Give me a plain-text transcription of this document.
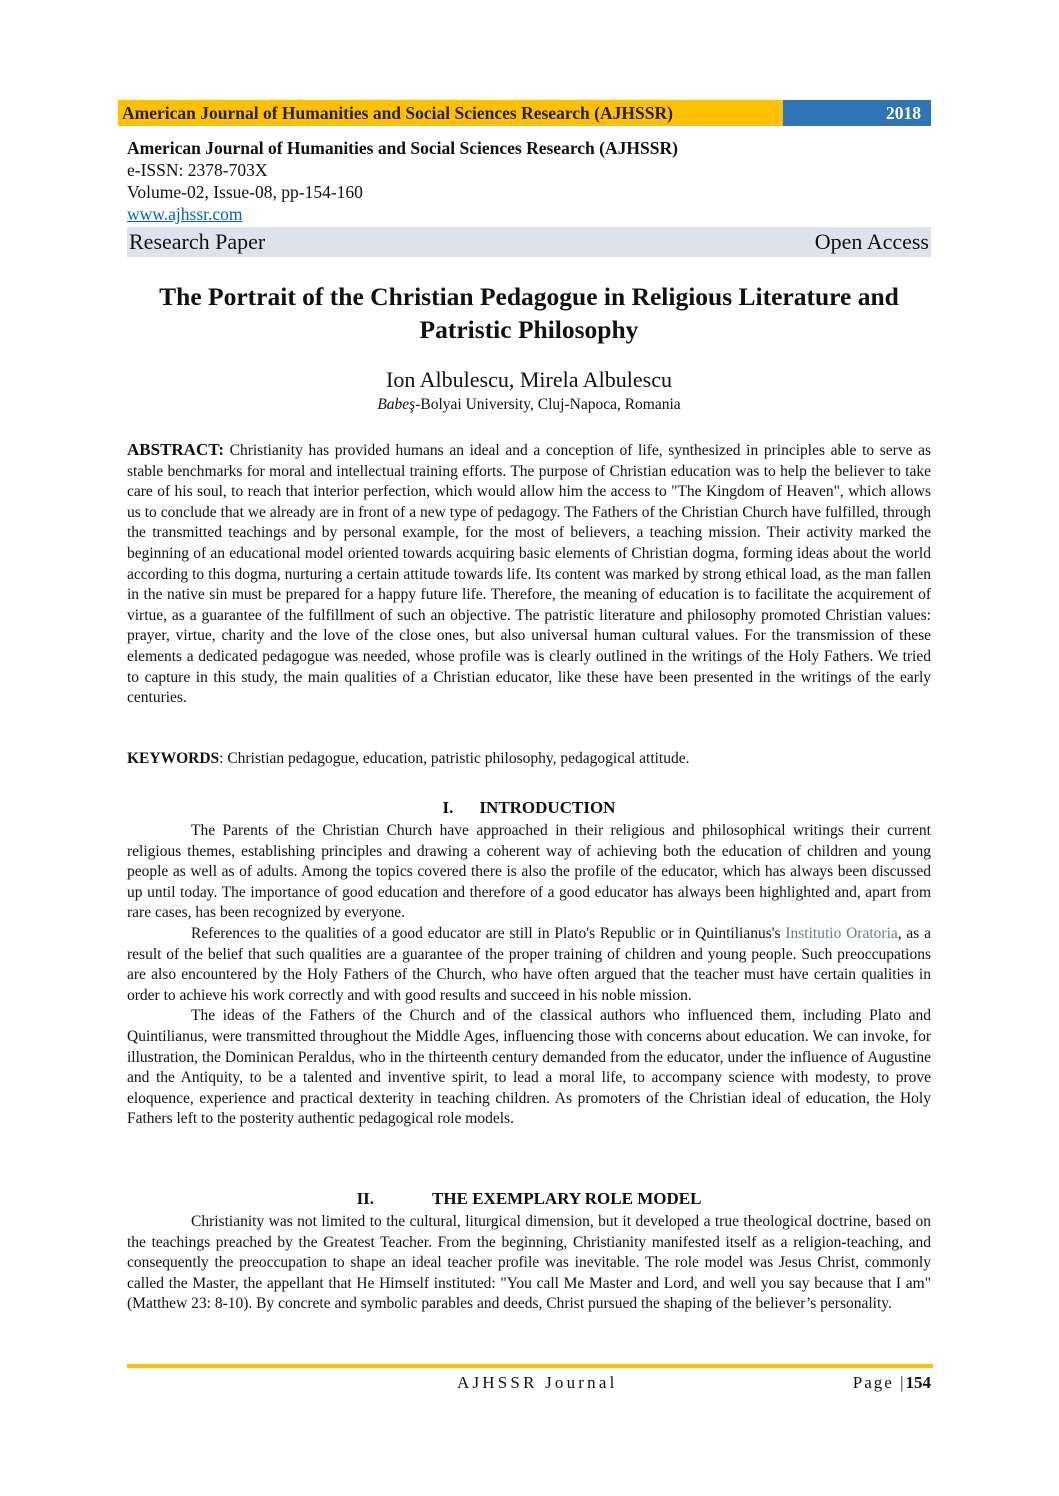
American Journal of Humanities and Social Sciences Research (AJHSSR)	2018
American Journal of Humanities and Social Sciences Research (AJHSSR)
e-ISSN: 2378-703X
Volume-02, Issue-08, pp-154-160
www.ajhssr.com
Research Paper	Open Access
The Portrait of the Christian Pedagogue in Religious Literature and Patristic Philosophy
Ion Albulescu, Mirela Albulescu
Babeş-Bolyai University, Cluj-Napoca, Romania
ABSTRACT: Christianity has provided humans an ideal and a conception of life, synthesized in principles able to serve as stable benchmarks for moral and intellectual training efforts. The purpose of Christian education was to help the believer to take care of his soul, to reach that interior perfection, which would allow him the access to "The Kingdom of Heaven", which allows us to conclude that we already are in front of a new type of pedagogy. The Fathers of the Christian Church have fulfilled, through the transmitted teachings and by personal example, for the most of believers, a teaching mission. Their activity marked the beginning of an educational model oriented towards acquiring basic elements of Christian dogma, forming ideas about the world according to this dogma, nurturing a certain attitude towards life. Its content was marked by strong ethical load, as the man fallen in the native sin must be prepared for a happy future life. Therefore, the meaning of education is to facilitate the acquirement of virtue, as a guarantee of the fulfillment of such an objective. The patristic literature and philosophy promoted Christian values: prayer, virtue, charity and the love of the close ones, but also universal human cultural values. For the transmission of these elements a dedicated pedagogue was needed, whose profile was is clearly outlined in the writings of the Holy Fathers. We tried to capture in this study, the main qualities of a Christian educator, like these have been presented in the writings of the early centuries.
KEYWORDS: Christian pedagogue, education, patristic philosophy, pedagogical attitude.
I. INTRODUCTION

The Parents of the Christian Church have approached in their religious and philosophical writings their current religious themes, establishing principles and drawing a coherent way of achieving both the education of children and young people as well as of adults. Among the topics covered there is also the profile of the educator, which has always been discussed up until today. The importance of good education and therefore of a good educator has always been highlighted and, apart from rare cases, has been recognized by everyone.

References to the qualities of a good educator are still in Plato's Republic or in Quintilianus's Institutio Oratoria, as a result of the belief that such qualities are a guarantee of the proper training of children and young people. Such preoccupations are also encountered by the Holy Fathers of the Church, who have often argued that the teacher must have certain qualities in order to achieve his work correctly and with good results and succeed in his noble mission.

The ideas of the Fathers of the Church and of the classical authors who influenced them, including Plato and Quintilianus, were transmitted throughout the Middle Ages, influencing those with concerns about education. We can invoke, for illustration, the Dominican Peraldus, who in the thirteenth century demanded from the educator, under the influence of Augustine and the Antiquity, to be a talented and inventive spirit, to lead a moral life, to accompany science with modesty, to prove eloquence, experience and practical dexterity in teaching children. As promoters of the Christian ideal of education, the Holy Fathers left to the posterity authentic pedagogical role models.

II.	THE EXEMPLARY ROLE MODEL

Christianity was not limited to the cultural, liturgical dimension, but it developed a true theological doctrine, based on the teachings preached by the Greatest Teacher. From the beginning, Christianity manifested itself as a religion-teaching, and consequently the preoccupation to shape an ideal teacher profile was inevitable. The role model was Jesus Christ, commonly called the Master, the appellant that He Himself instituted: "You call Me Master and Lord, and well you say because that I am" (Matthew 23: 8-10). By concrete and symbolic parables and deeds, Christ pursued the shaping of the believer’s personality.

AJHSSR Journal	Page |154
